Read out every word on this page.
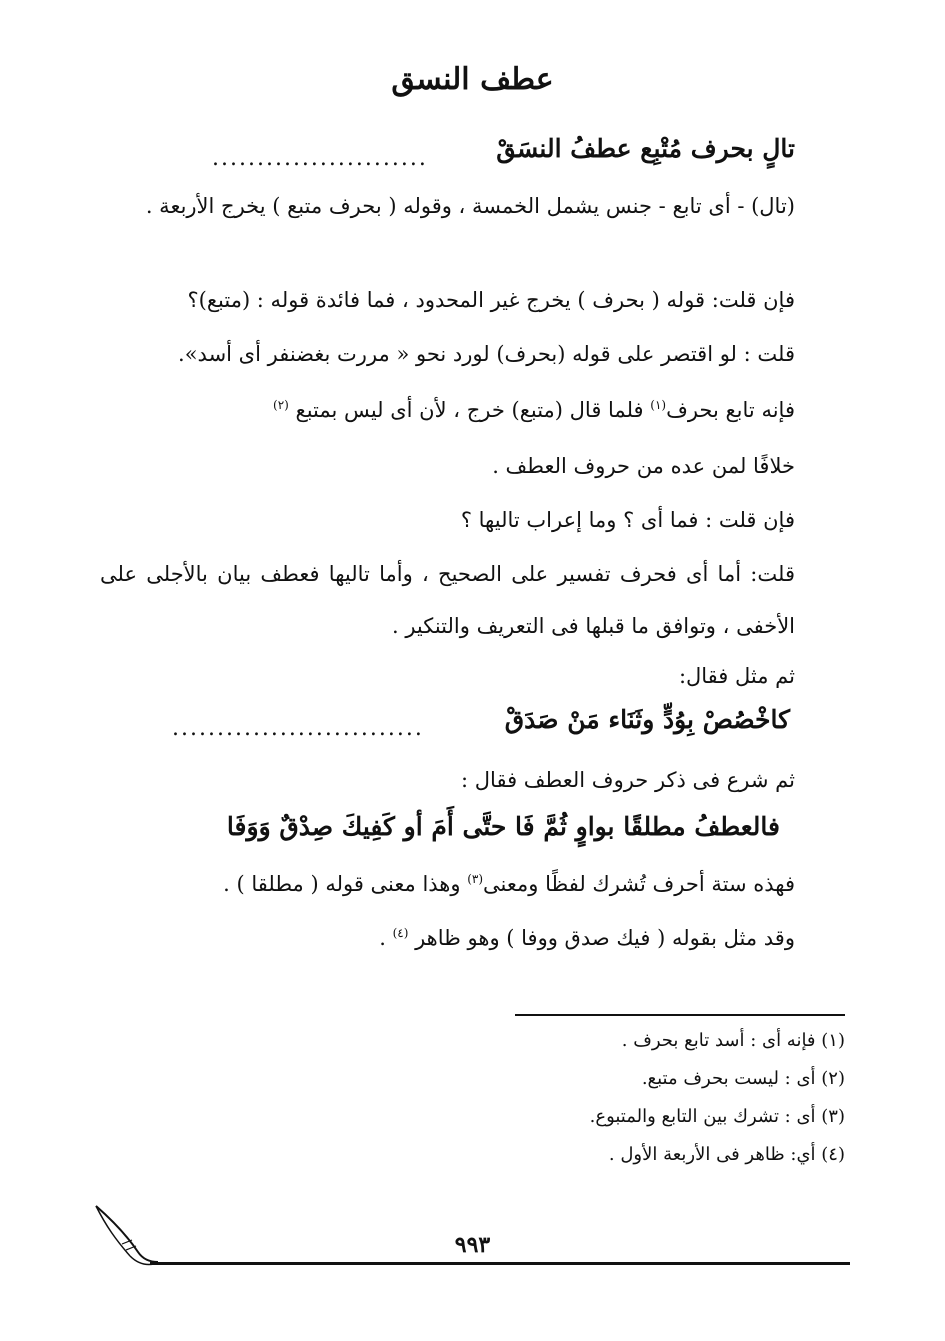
عطف النسق
تالٍ بحرف مُتْبِع عطفُ النسَقْ
........................
(تال) - أى تابع - جنس يشمل الخمسة ، وقوله ( بحرف متبع ) يخرج الأربعة .
فإن قلت: قوله ( بحرف ) يخرج غير المحدود ، فما فائدة قوله : (متبع)؟
قلت : لو اقتصر على قوله (بحرف) لورد نحو « مررت بغضنفر أى أسد».
فإنه تابع بحرف$^{(١)}$ فلما قال (متبع) خرج ، لأن أى ليس بمتبع $^{(٢)}$
خلافًا لمن عده من حروف العطف .
فإن قلت : فما أى ؟ وما إعراب تاليها ؟
قلت: أما أى فحرف تفسير على الصحيح ، وأما تاليها فعطف بيان بالأجلى على الأخفى ، وتوافق ما قبلها فى التعريف والتنكير .
ثم مثل فقال:
كاخْصُصْ بِوُدٍّ وثَنَاء مَنْ صَدَقْ
............................
ثم شرع فى ذكر حروف العطف فقال :
فالعطفُ مطلقًا بواوٍ ثُمَّ فَا حتَّى أَمَ أو كَفِيكَ صِدْقٌ وَوَفَا
فهذه ستة أحرف تُشرك لفظًا ومعنى$^{(٣)}$ وهذا معنى قوله ( مطلقا ) .
وقد مثل بقوله ( فيك صدق ووفا ) وهو ظاهر $^{(٤)}$ .
(١) فإنه أى : أسد تابع بحرف .
(٢) أى : ليست بحرف متبع.
(٣) أى : تشرك بين التابع والمتبوع.
(٤) أي: ظاهر فى الأربعة الأول .
٩٩٣
